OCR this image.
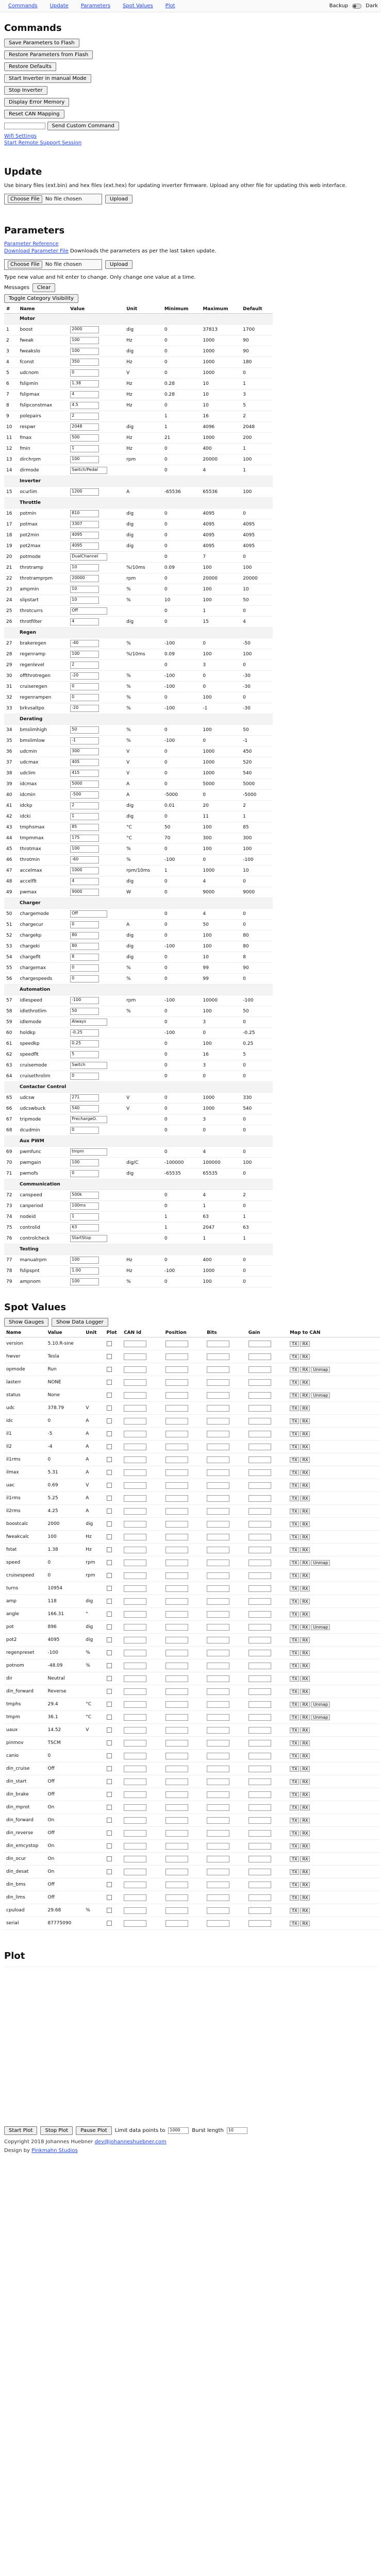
Commands	Update	Parameters	Spot Values	Plot	Backup	Dark
Commands
Save Parameters to Flash
Restore Parameters from Flash
Restore Defaults
Start Inverter in manual Mode
Stop Inverter
Display Error Memory
Reset CAN Mapping
Send Custom Command
Wifi Settings
Start Remote Support Session
Update

Use binary files (ext.bin) and hex files (ext.hex) for updating inverter firmware. Upload any other file for updating this web interface.

Choose File	No file chosen	Upload
Parameters
Parameter Reference

Download Parameter File Downloads the parameters as per the last taken update.

Choose File	No file chosen	Upload

Type new value and hit enter to change. Only change one value at a time.

Messages	Clear
Toggle Category Visibility
#	Name	Value	Unit	Minimum	Maximum	Default
Motor						
1	boost	2000	dig	0	37813	1700
2	fweak	100	Hz	0	1000	90
3	fweakslo	100	dig	0	1000	90
4	fconst	350	Hz	0	1000	180
5	udcnom	0	V	0	1000	0
6	fslipmin	1.38	Hz	0.28	10	1
7	fslipmax	4	Hz	0.28	10	3
8	fslipconstmax	4.5	Hz	0	10	5
9	polepairs	2		1	16	2
10	respwr	2048	dig	1	4096	2048
11	fmax	500	Hz	21	1000	200
12	fmin	1	Hz	0	400	1
13	dirchrpm	100	rpm	0	20000	100
14	dirmode	Switch/Pedal		0	4	1
Inverter						
15	ocurlim	1200	A	-65536	65536	100
Throttle						
16	potmin	810	dig	0	4095	0
17	potmax	3307	dig	0	4095	4095
18	pot2min	4095	dig	0	4095	4095
19	pot2max	4095	dig	0	4095	4095
20	potmode	DualChannel		0	7	0
21	throtramp	10	%/10ms	0.09	100	100
22	throtramprpm	20000	rpm	0	20000	20000
23	ampmin	10	%	0	100	10
24	slipstart	10	%	10	100	50
25	throtcurrs	Off		0	1	0
26	throtfilter	4	dig	0	15	4
Regen						
27	brakeregen	-40	%	-100	0	-50
28	regenramp	100	%/10ms	0.09	100	100
29	regenlevel	2		0	3	0
30	offthrotregen	-20	%	-100	0	-30
31	cruiseregen	0	%	-100	0	-30
32	regenrampen	0	%	0	100	0
33	brkvsaltpo	-20	%	-100	-1	-30
Derating						
34	bmslimhigh	50	%	0	100	50
35	bmslimlow	-1	%	-100	0	-1
36	udcmin	300	V	0	1000	450
37	udcmax	405	V	0	1000	520
38	udclim	415	V	0	1000	540
39	idcmax	5000	A	0	5000	5000
40	idcmin	-500	A	-5000	0	-5000
41	idckp	2	dig	0.01	20	2
42	idcki	1	dig	0	11	1
43	tmphsmax	85	°C	50	100	85
44	tmpmmax	175	°C	70	300	300
45	throtmax	100	%	0	100	100
46	throtmin	-60	%	-100	0	-100
47	accelmax	1000	rpm/10ms	1	1000	10
48	accelflt	4	dig	0	4	0
49	pwmax	9000	W	0	9000	9000
Charger						
50	chargemode	Off		0	4	0
51	chargecur	0	A	0	50	0
52	chargekp	80	dig	0	100	80
53	chargeki	80	dig	-100	100	80
54	chargeflt	8	dig	0	10	8
55	chargemax	0	%	0	99	90
56	chargespeeds	0	%	0	99	0
Automation						
57	idlespeed	-100	rpm	-100	10000	-100
58	idlethrotlim	50	%	0	100	50
59	idlemode	Always		0	3	0
60	holdkp	-0.25		-100	0	-0.25
61	speedkp	0.25		0	100	0.25
62	speedflt	5		0	16	5
63	cruisemode	Switch		0	3	0
64	cruisethrolim	0		0	0	0
Contactor Control						
65	udcsw	271	V	0	1000	330
66	udcswbuck	540	V	0	1000	540
67	tripmode	PrechargeO.		0	3	0
68	dcudmin	0		0	0	0
Aux PWM						
69	pwmfunc	tmpm		0	4	0
70	pwmgain	100	dig/C	-100000	100000	100
71	pwmofs	0	dig	-65535	65535	0
Communication						
72	canspeed	500k		0	4	2
73	canperiod	100ms		0	1	0
74	nodeid	1		1	63	1
75	controlid	63		1	2047	63
76	controlcheck	StartStop		0	1	1
Testing						
77	manualrpm	100	Hz	0	400	0
78	fslipspnt	1.00	Hz	-100	1000	0
79	ampnom	100	%	0	100	0
Spot Values
Show Gauges	Show Data Logger
Name	Value	Unit	Plot	CAN Id	Position	Bits	Gain	Map to CAN
version	5.10.R-sine							TX RX
hwver	Tesla							TX RX
opmode	Run							TX RX Unmap
lasterr	NONE							TX RX
status	None							TX RX Unmap
udc	378.79	V						TX RX
idc	0	A						TX RX
il1	-5	A						TX RX
il2	-4	A						TX RX
il1rms	0	A						TX RX
ilmax	5.31	A						TX RX
uac	0.69	V						TX RX
il1rms	5.25	A						TX RX
il2rms	4.25	A						TX RX
boostcalc	2000	dig						TX RX
fweakcalc	100	Hz						TX RX
fstat	1.38	Hz						TX RX
speed	0	rpm						TX RX Unmap
cruisespeed	0	rpm						TX RX
turns	10954							TX RX
amp	118	dig						TX RX
angle	166.31	°						TX RX
pot	896	dig						TX RX Unmap
pot2	4095	dig						TX RX
regenpreset	-100	%						TX RX
potnom	-48.09	%						TX RX
dir	Neutral							TX RX
din_forward	Reverse							TX RX
tmphs	29.4	°C						TX RX Unmap
tmpm	36.1	°C						TX RX Unmap
uaux	14.52	V						TX RX
pinmov	TSCM							TX RX
canio	0							TX RX
din_cruise	Off							TX RX
din_start	Off							TX RX
din_brake	Off							TX RX
din_mprot	On							TX RX
din_forward	On							TX RX
din_reverse	Off							TX RX
din_emcystop	On							TX RX
din_ocur	On							TX RX
din_desat	On							TX RX
din_bms	Off							TX RX
din_lims	Off							TX RX
cpuload	29.68	%						TX RX
serial	87775090							TX RX
Plot
Start Plot	Stop Plot	Pause Plot	Limit data points to	1000	Burst length	10
Copyright 2018 Johannes Huebner dev@johanneshuebner.com
Design by Pinkmahn Studios
